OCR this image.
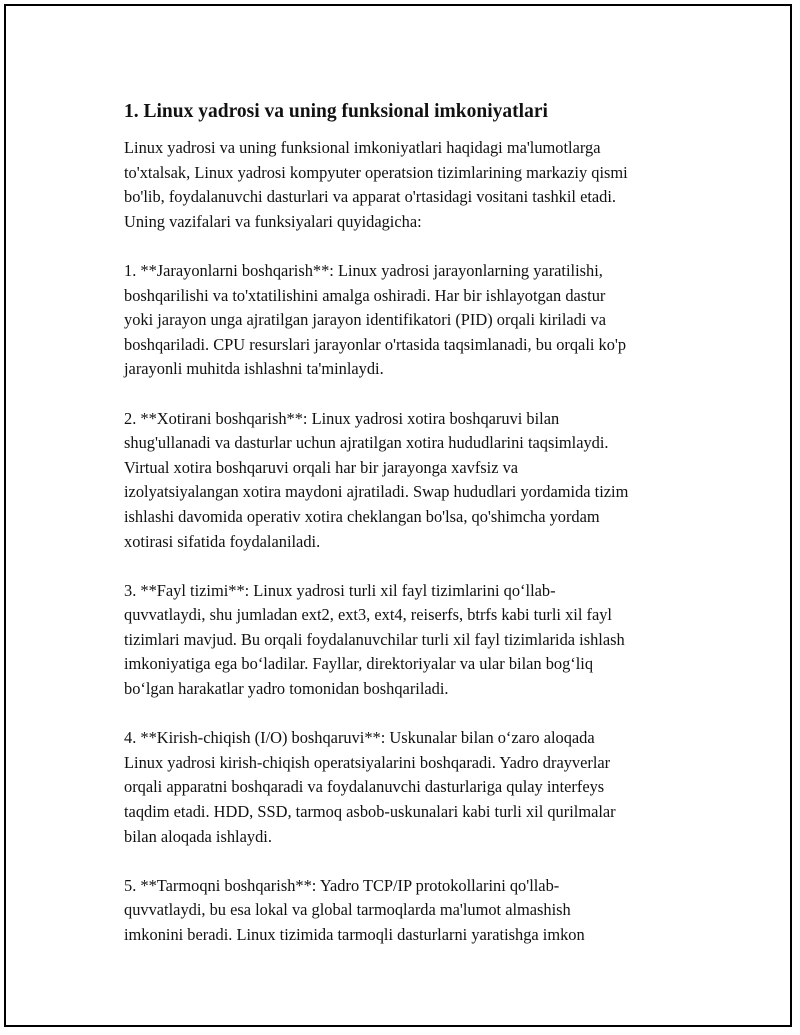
1. Linux yadrosi va uning funksional imkoniyatlari
Linux yadrosi va uning funksional imkoniyatlari haqidagi ma'lumotlarga
to'xtalsak, Linux yadrosi kompyuter operatsion tizimlarining markaziy qismi
bo'lib, foydalanuvchi dasturlari va apparat o'rtasidagi vositani tashkil etadi.
Uning vazifalari va funksiyalari quyidagicha:
1. **Jarayonlarni boshqarish**: Linux yadrosi jarayonlarning yaratilishi,
boshqarilishi va to'xtatilishini amalga oshiradi. Har bir ishlayotgan dastur
yoki jarayon unga ajratilgan jarayon identifikatori (PID) orqali kiriladi va
boshqariladi. CPU resurslari jarayonlar o'rtasida taqsimlanadi, bu orqali ko'p
jarayonli muhitda ishlashni ta'minlaydi.
2. **Xotirani boshqarish**: Linux yadrosi xotira boshqaruvi bilan
shug'ullanadi va dasturlar uchun ajratilgan xotira hududlarini taqsimlaydi.
Virtual xotira boshqaruvi orqali har bir jarayonga xavfsiz va
izolyatsiyalangan xotira maydoni ajratiladi. Swap hududlari yordamida tizim
ishlashi davomida operativ xotira cheklangan bo'lsa, qo'shimcha yordam
xotirasi sifatida foydalaniladi.
3. **Fayl tizimi**: Linux yadrosi turli xil fayl tizimlarini qo‘llab-
quvvatlaydi, shu jumladan ext2, ext3, ext4, reiserfs, btrfs kabi turli xil fayl
tizimlari mavjud. Bu orqali foydalanuvchilar turli xil fayl tizimlarida ishlash
imkoniyatiga ega bo‘ladilar. Fayllar, direktoriyalar va ular bilan bog‘liq
bo‘lgan harakatlar yadro tomonidan boshqariladi.
4. **Kirish-chiqish (I/O) boshqaruvi**: Uskunalar bilan o‘zaro aloqada
Linux yadrosi kirish-chiqish operatsiyalarini boshqaradi. Yadro drayverlar
orqali apparatni boshqaradi va foydalanuvchi dasturlariga qulay interfeys
taqdim etadi. HDD, SSD, tarmoq asbob-uskunalari kabi turli xil qurilmalar
bilan aloqada ishlaydi.
5. **Tarmoqni boshqarish**: Yadro TCP/IP protokollarini qo'llab-
quvvatlaydi, bu esa lokal va global tarmoqlarda ma'lumot almashish
imkonini beradi. Linux tizimida tarmoqli dasturlarni yaratishga imkon
